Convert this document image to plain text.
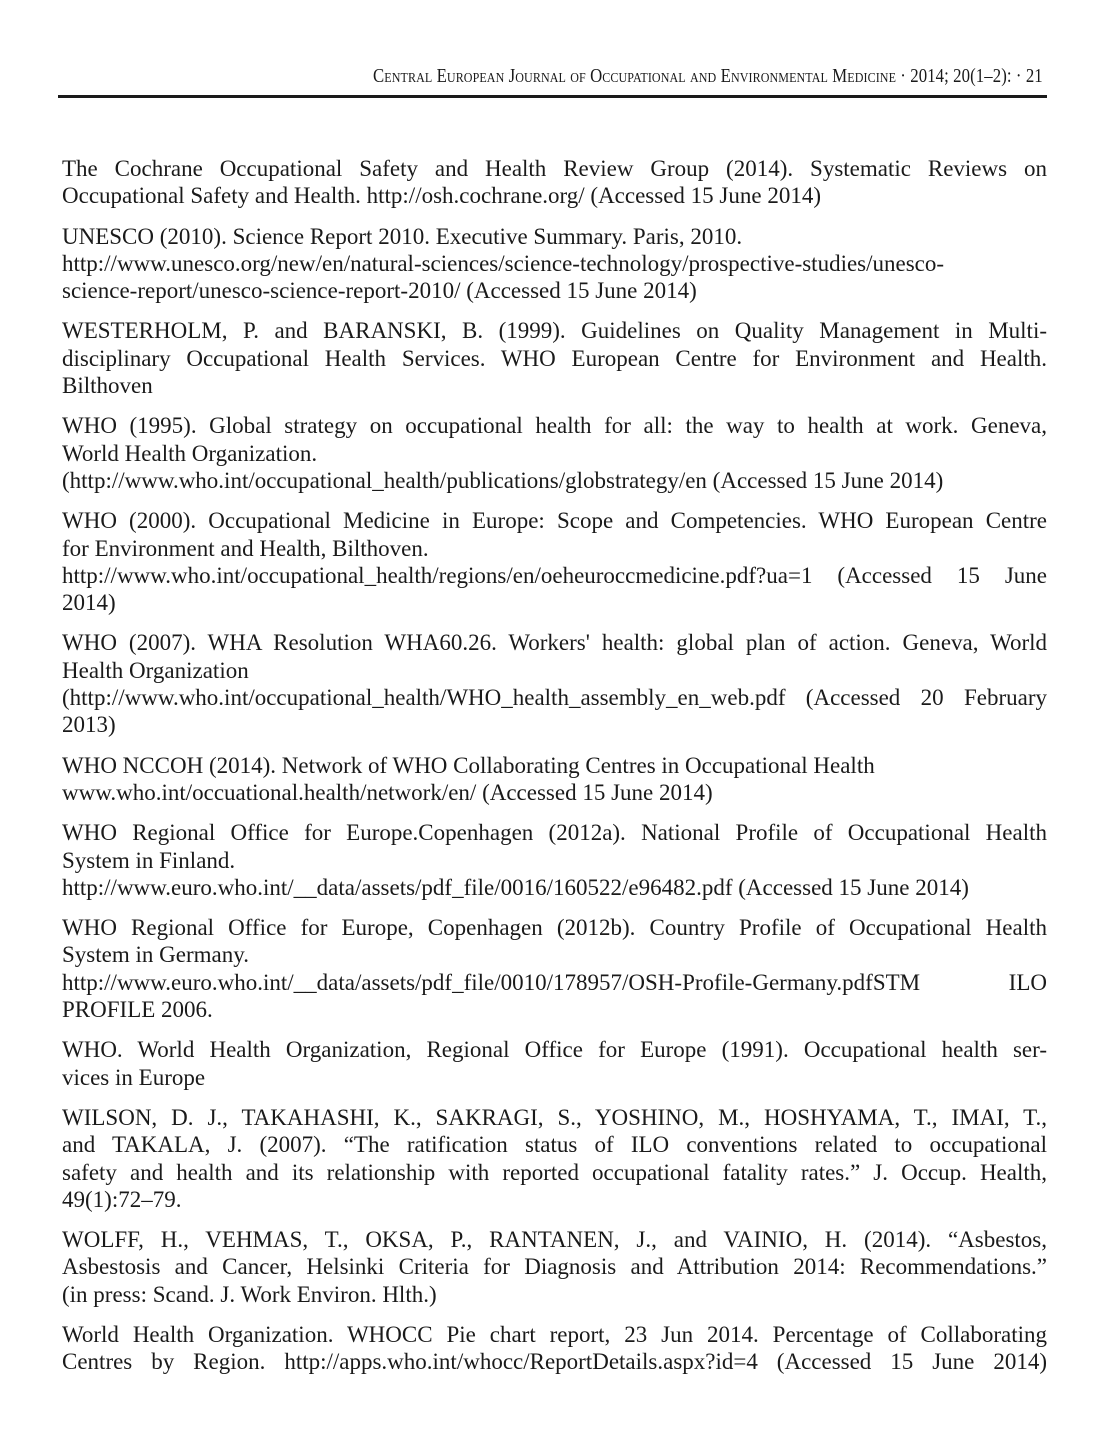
Central European Journal of Occupational and Environmental Medicine · 2014; 20(1–2): · 21
The Cochrane Occupational Safety and Health Review Group (2014). Systematic Reviews on
Occupational Safety and Health. http://osh.cochrane.org/ (Accessed 15 June 2014)
UNESCO (2010). Science Report 2010. Executive Summary. Paris, 2010.
http://www.unesco.org/new/en/natural-sciences/science-technology/prospective-studies/unesco-
science-report/unesco-science-report-2010/ (Accessed 15 June 2014)
WESTERHOLM, P. and BARANSKI, B. (1999). Guidelines on Quality Management in Multi-
disciplinary Occupational Health Services. WHO European Centre for Environment and Health.
Bilthoven
WHO (1995). Global strategy on occupational health for all: the way to health at work. Geneva,
World Health Organization.
(http://www.who.int/occupational_health/publications/globstrategy/en (Accessed 15 June 2014)
WHO (2000). Occupational Medicine in Europe: Scope and Competencies. WHO European Centre
for Environment and Health, Bilthoven.
http://www.who.int/occupational_health/regions/en/oeheuroccmedicine.pdf?ua=1 (Accessed 15 June
2014)
WHO (2007). WHA Resolution WHA60.26. Workers' health: global plan of action. Geneva, World
Health Organization
(http://www.who.int/occupational_health/WHO_health_assembly_en_web.pdf (Accessed 20 February
2013)
WHO NCCOH (2014). Network of WHO Collaborating Centres in Occupational Health
www.who.int/occuational.health/network/en/ (Accessed 15 June 2014)
WHO Regional Office for Europe.Copenhagen (2012a). National Profile of Occupational Health
System in Finland.
http://www.euro.who.int/__data/assets/pdf_file/0016/160522/e96482.pdf (Accessed 15 June 2014)
WHO Regional Office for Europe, Copenhagen (2012b). Country Profile of Occupational Health
System in Germany.
http://www.euro.who.int/__data/assets/pdf_file/0010/178957/OSH-Profile-Germany.pdfSTM ILO
PROFILE 2006.
WHO. World Health Organization, Regional Office for Europe (1991). Occupational health ser-
vices in Europe
WILSON, D. J., TAKAHASHI, K., SAKRAGI, S., YOSHINO, M., HOSHYAMA, T., IMAI, T.,
and TAKALA, J. (2007). “The ratification status of ILO conventions related to occupational
safety and health and its relationship with reported occupational fatality rates.” J. Occup. Health,
49(1):72–79.
WOLFF, H., VEHMAS, T., OKSA, P., RANTANEN, J., and VAINIO, H. (2014). “Asbestos,
Asbestosis and Cancer, Helsinki Criteria for Diagnosis and Attribution 2014: Recommendations.”
(in press: Scand. J. Work Environ. Hlth.)
World Health Organization. WHOCC Pie chart report, 23 Jun 2014. Percentage of Collaborating
Centres by Region. http://apps.who.int/whocc/ReportDetails.aspx?id=4 (Accessed 15 June 2014)
